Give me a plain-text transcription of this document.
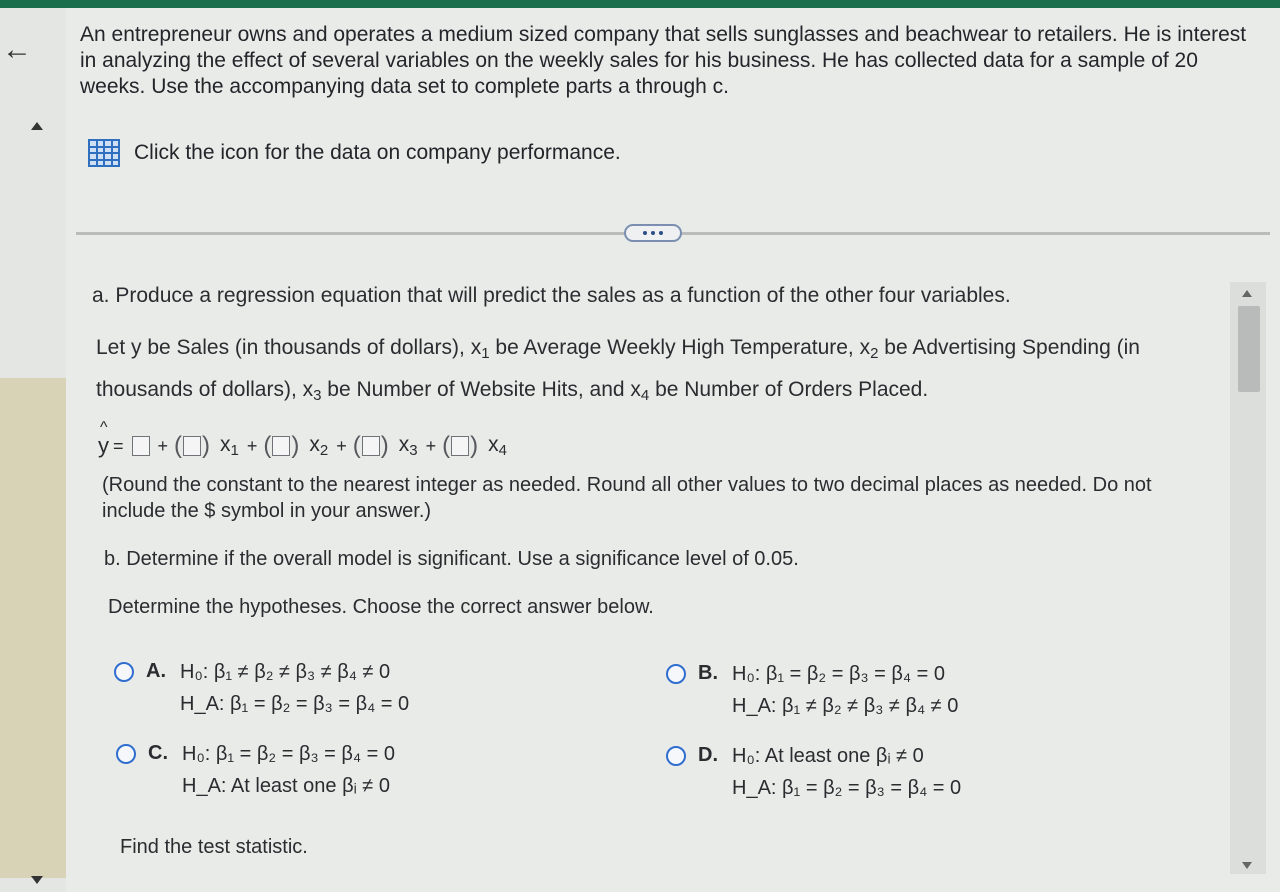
← An entrepreneur owns and operates a medium sized company that sells sunglasses and beachwear to retailers. He is interest in analyzing the effect of several variables on the weekly sales for his business. He has collected data for a sample of 20 weeks. Use the accompanying data set to complete parts a through c.
Click the icon for the data on company performance.
a. Produce a regression equation that will predict the sales as a function of the other four variables.
Let y be Sales (in thousands of dollars), $x_1$ be Average Weekly High Temperature, $x_2$ be Advertising Spending (in thousands of dollars), $x_3$ be Number of Website Hits, and $x_4$ be Number of Orders Placed.
^ y = + ( ) $x_1$ + ( ) $x_2$ + ( ) $x_3$ + ( ) $x_4$
(Round the constant to the nearest integer as needed. Round all other values to two decimal places as needed. Do not include the $ symbol in your answer.)
b. Determine if the overall model is significant. Use a significance level of 0.05.
Determine the hypotheses. Choose the correct answer below.
A. H₀: β₁ ≠ β₂ ≠ β₃ ≠ β₄ ≠ 0
H_A: β₁ = β₂ = β₃ = β₄ = 0
B. H₀: β₁ = β₂ = β₃ = β₄ = 0
H_A: β₁ ≠ β₂ ≠ β₃ ≠ β₄ ≠ 0
C. H₀: β₁ = β₂ = β₃ = β₄ = 0
H_A: At least one βᵢ ≠ 0
D. H₀: At least one βᵢ ≠ 0
H_A: β₁ = β₂ = β₃ = β₄ = 0
Find the test statistic.
